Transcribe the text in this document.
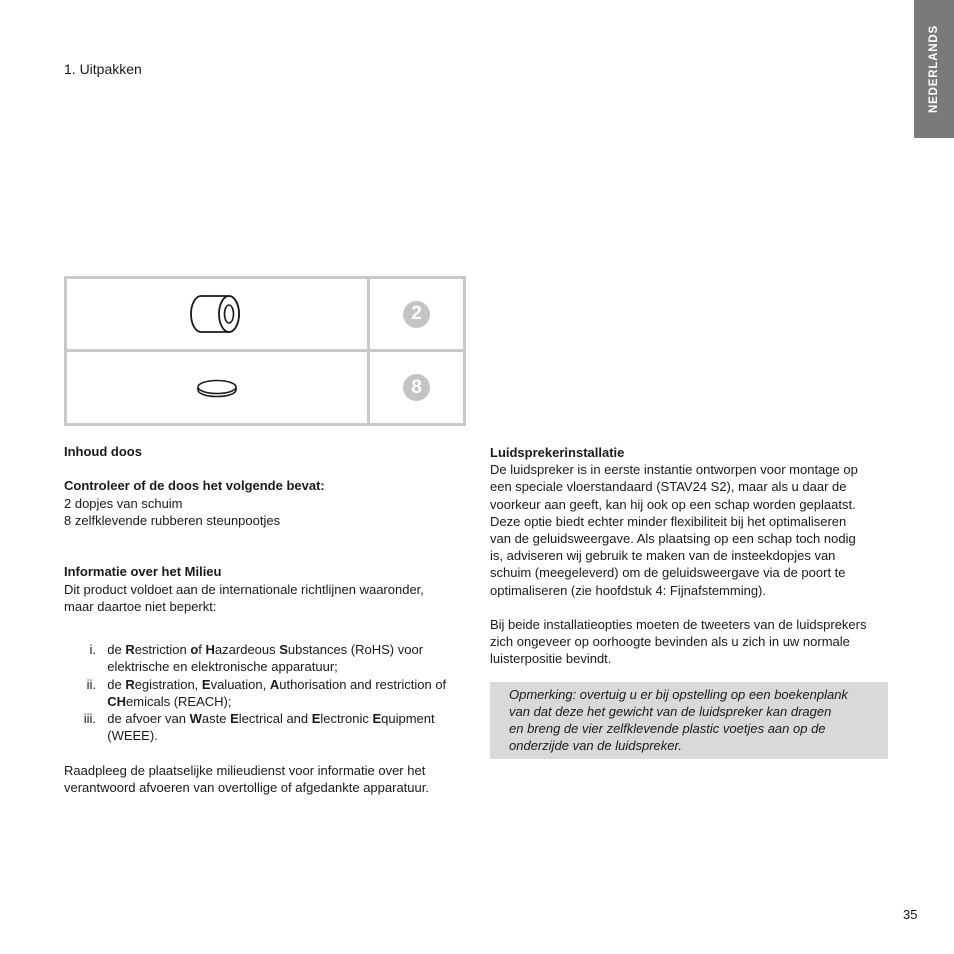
NEDERLANDS
1. Uitpakken
2
8

Inhoud doos

Controleer of de doos het volgende bevat:

2 dopjes van schuim

8 zelfklevende rubberen steunpootjes

Informatie over het Milieu

Dit product voldoet aan de internationale richtlijnen waaronder,
maar daartoe niet beperkt:

i. de Restriction of Hazardeous Substances (RoHS) voor
elektrische en elektronische apparatuur;
ii. de Registration, Evaluation, Authorisation and restriction of
CHemicals (REACH);
iii. de afvoer van Waste Electrical and Electronic Equipment
(WEEE).

Raadpleeg de plaatselijke milieudienst voor informatie over het
verantwoord afvoeren van overtollige of afgedankte apparatuur.

Luidsprekerinstallatie

De luidspreker is in eerste instantie ontworpen voor montage op
een speciale vloerstandaard (STAV24 S2), maar als u daar de
voorkeur aan geeft, kan hij ook op een schap worden geplaatst.
Deze optie biedt echter minder flexibiliteit bij het optimaliseren
van de geluidsweergave. Als plaatsing op een schap toch nodig
is, adviseren wij gebruik te maken van de insteekdopjes van
schuim (meegeleverd) om de geluidsweergave via de poort te
optimaliseren (zie hoofdstuk 4: Fijnafstemming).

Bij beide installatieopties moeten de tweeters van de luidsprekers
zich ongeveer op oorhoogte bevinden als u zich in uw normale
luisterpositie bevindt.

Opmerking: overtuig u er bij opstelling op een boekenplank
van dat deze het gewicht van de luidspreker kan dragen
en breng de vier zelfklevende plastic voetjes aan op de
onderzijde van de luidspreker.
35
